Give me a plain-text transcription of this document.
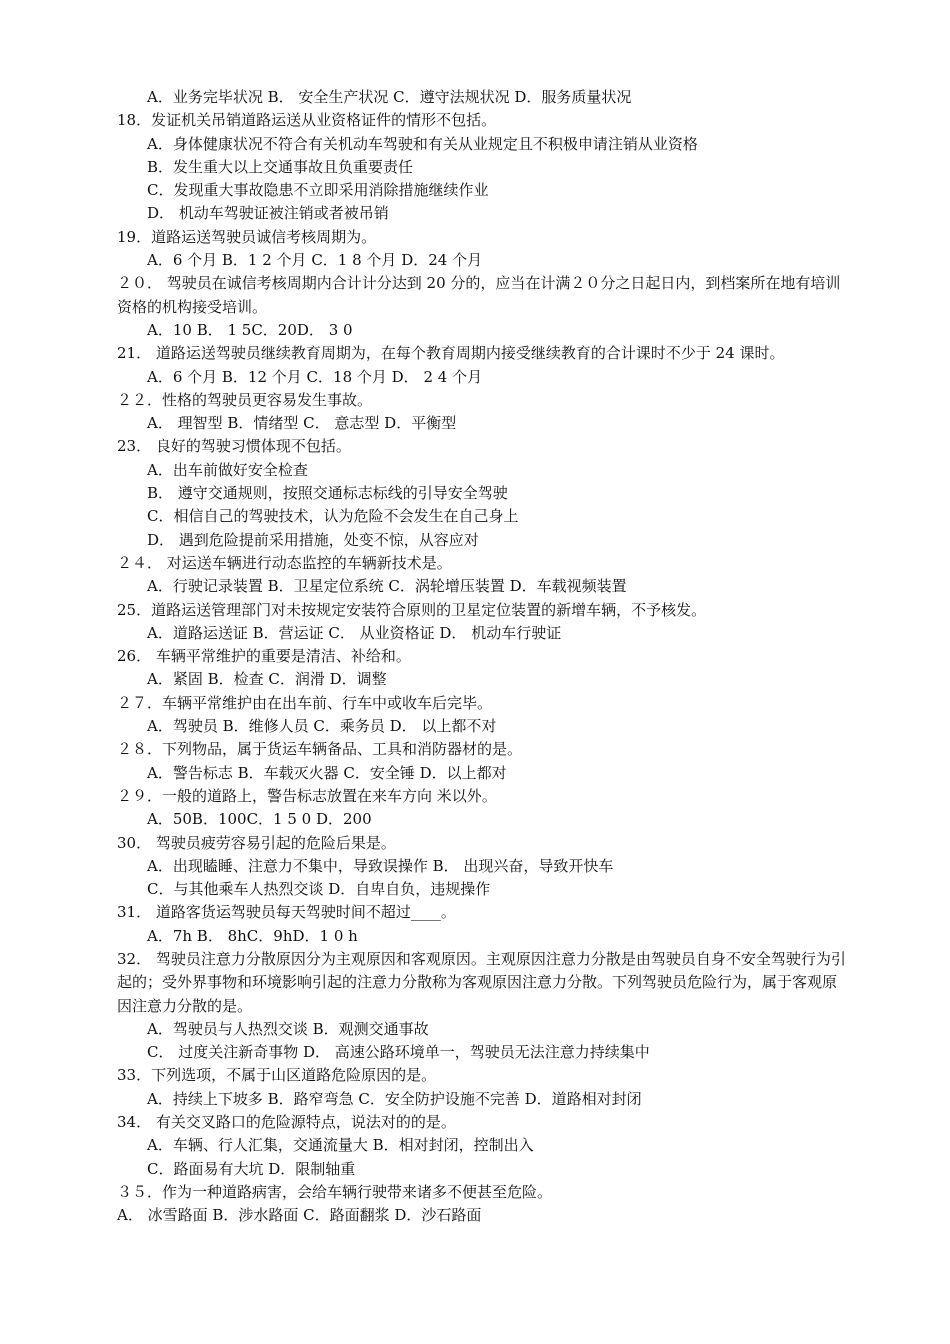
A．业务完毕状况 B． 安全生产状况 C．遵守法规状况 D．服务质量状况
18．发证机关吊销道路运送从业资格证件的情形不包括。
A．身体健康状况不符合有关机动车驾驶和有关从业规定且不积极申请注销从业资格
B．发生重大以上交通事故且负重要责任
C．发现重大事故隐患不立即采用消除措施继续作业
D． 机动车驾驶证被注销或者被吊销
19．道路运送驾驶员诚信考核周期为。
A．6 个月 B．1 2 个月 C．1 8 个月 D．24 个月
２０． 驾驶员在诚信考核周期内合计计分达到 20 分的，应当在计满２０分之日起日内，到档案所在地有培训资格的机构接受培训。
A．10 B． 1 5C．20D． 3 0
21． 道路运送驾驶员继续教育周期为，在每个教育周期内接受继续教育的合计课时不少于 24 课时。
A．6 个月 B．12 个月 C．18 个月 D． 2 4 个月
２２．性格的驾驶员更容易发生事故。
A． 理智型 B．情绪型 C． 意志型 D．平衡型
23． 良好的驾驶习惯体现不包括。
A．出车前做好安全检查
B． 遵守交通规则，按照交通标志标线的引导安全驾驶
C．相信自己的驾驶技术，认为危险不会发生在自己身上
D． 遇到危险提前采用措施，处变不惊，从容应对
２４． 对运送车辆进行动态监控的车辆新技术是。
A．行驶记录装置 B．卫星定位系统 C．涡轮增压装置 D．车载视频装置
25．道路运送管理部门对未按规定安装符合原则的卫星定位装置的新增车辆，不予核发。
A．道路运送证 B．营运证 C． 从业资格证 D． 机动车行驶证
26． 车辆平常维护的重要是清洁、补给和。
A．紧固 B．检查 C．润滑 D．调整
２７．车辆平常维护由在出车前、行车中或收车后完毕。
A．驾驶员 B．维修人员 C．乘务员 D． 以上都不对
２８．下列物品，属于货运车辆备品、工具和消防器材的是。
A．警告标志 B．车载灭火器 C．安全锤 D．以上都对
２９．一般的道路上，警告标志放置在来车方向 米以外。
A．50B．100C．1 5 0 D．200
30． 驾驶员疲劳容易引起的危险后果是。
A．出现瞌睡、注意力不集中，导致误操作 B． 出现兴奋，导致开快车
C．与其他乘车人热烈交谈 D．自卑自负，违规操作
31． 道路客货运驾驶员每天驾驶时间不超过____。
A．7h B． 8hC．9hD．1 0 h
32． 驾驶员注意力分散原因分为主观原因和客观原因。主观原因注意力分散是由驾驶员自身不安全驾驶行为引起的；受外界事物和环境影响引起的注意力分散称为客观原因注意力分散。下列驾驶员危险行为，属于客观原因注意力分散的是。
A．驾驶员与人热烈交谈 B．观测交通事故
C． 过度关注新奇事物 D． 高速公路环境单一，驾驶员无法注意力持续集中
33．下列选项，不属于山区道路危险原因的是。
A．持续上下坡多 B．路窄弯急 C．安全防护设施不完善 D．道路相对封闭
34． 有关交叉路口的危险源特点，说法对的的是。
A．车辆、行人汇集，交通流量大 B．相对封闭，控制出入
C．路面易有大坑 D．限制轴重
３５．作为一种道路病害，会给车辆行驶带来诸多不便甚至危险。
A． 冰雪路面 B．涉水路面 C．路面翻浆 D．沙石路面
